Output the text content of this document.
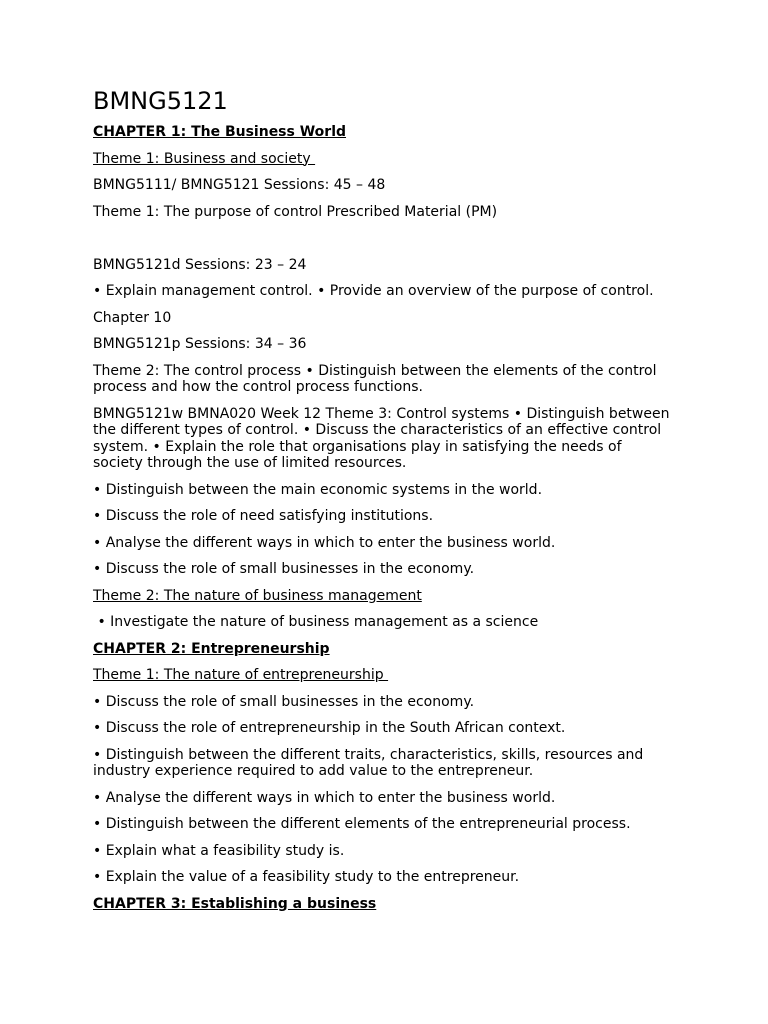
BMNG5121
CHAPTER 1: The Business World
Theme 1: Business and society
BMNG5111/ BMNG5121 Sessions: 45 – 48
Theme 1: The purpose of control Prescribed Material (PM)
BMNG5121d Sessions: 23 – 24
• Explain management control. • Provide an overview of the purpose of control.
Chapter 10
BMNG5121p Sessions: 34 – 36
Theme 2: The control process • Distinguish between the elements of the control process and how the control process functions.
BMNG5121w BMNA020 Week 12 Theme 3: Control systems • Distinguish between the different types of control. • Discuss the characteristics of an effective control system. • Explain the role that organisations play in satisfying the needs of society through the use of limited resources.
• Distinguish between the main economic systems in the world.
• Discuss the role of need satisfying institutions.
• Analyse the different ways in which to enter the business world.
• Discuss the role of small businesses in the economy.
Theme 2: The nature of business management
• Investigate the nature of business management as a science
CHAPTER 2: Entrepreneurship
Theme 1: The nature of entrepreneurship
• Discuss the role of small businesses in the economy.
• Discuss the role of entrepreneurship in the South African context.
• Distinguish between the different traits, characteristics, skills, resources and industry experience required to add value to the entrepreneur.
• Analyse the different ways in which to enter the business world.
• Distinguish between the different elements of the entrepreneurial process.
• Explain what a feasibility study is.
• Explain the value of a feasibility study to the entrepreneur.
CHAPTER 3: Establishing a business
